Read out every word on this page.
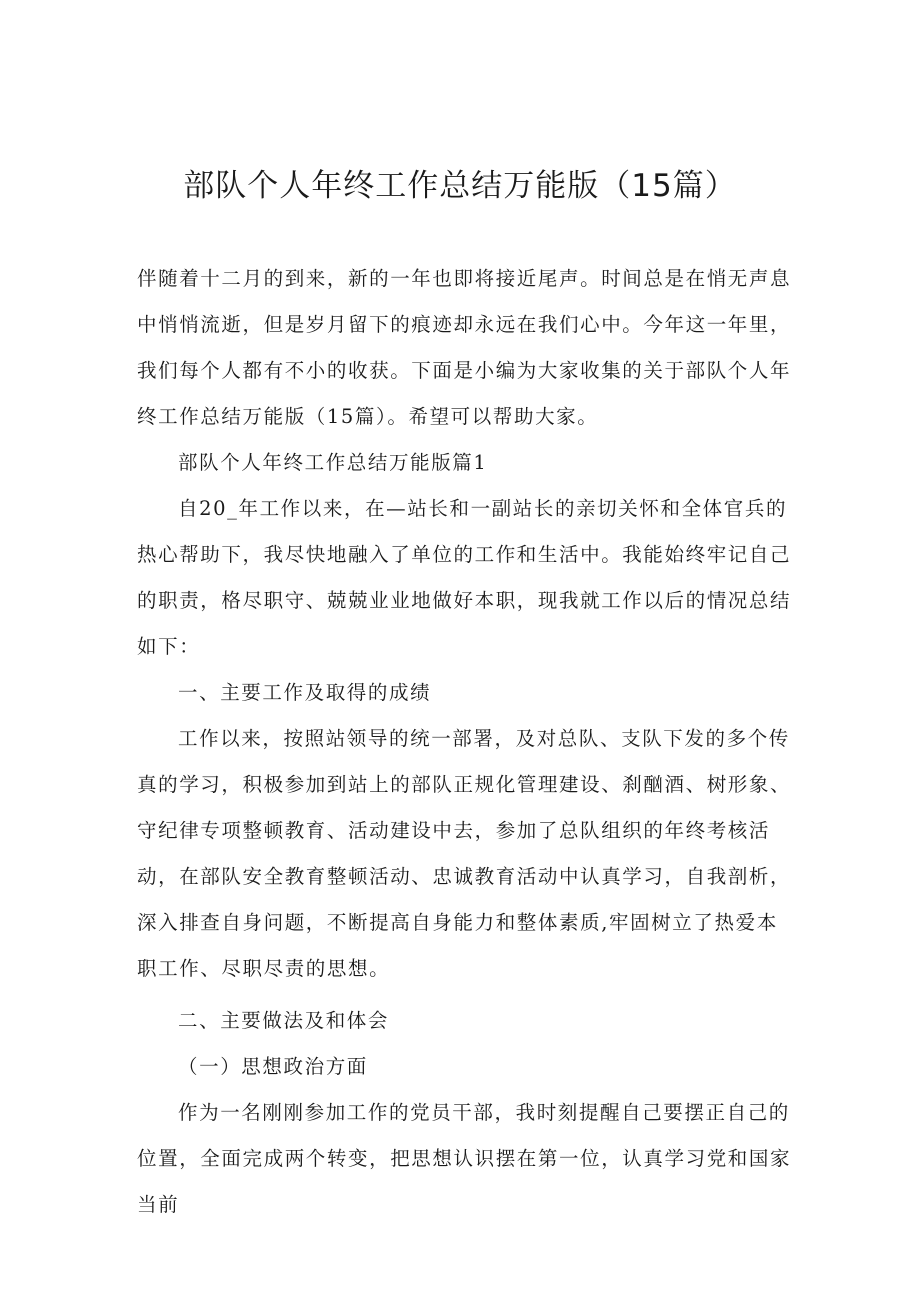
部队个人年终工作总结万能版（15篇）

伴随着十二月的到来，新的一年也即将接近尾声。时间总是在悄无声息中悄悄流逝，但是岁月留下的痕迹却永远在我们心中。今年这一年里，我们每个人都有不小的收获。下面是小编为大家收集的关于部队个人年终工作总结万能版（15篇）。希望可以帮助大家。

部队个人年终工作总结万能版篇1

自20_年工作以来，在—站长和一副站长的亲切关怀和全体官兵的热心帮助下，我尽快地融入了单位的工作和生活中。我能始终牢记自己的职责，格尽职守、兢兢业业地做好本职，现我就工作以后的情况总结如下：

一、主要工作及取得的成绩

工作以来，按照站领导的统一部署，及对总队、支队下发的多个传真的学习，积极参加到站上的部队正规化管理建设、刹酗酒、树形象、守纪律专项整顿教育、活动建设中去，参加了总队组织的年终考核活动，在部队安全教育整顿活动、忠诚教育活动中认真学习，自我剖析，深入排查自身问题，不断提高自身能力和整体素质,牢固树立了热爱本职工作、尽职尽责的思想。

二、主要做法及和体会

（一）思想政治方面

作为一名刚刚参加工作的党员干部，我时刻提醒自己要摆正自己的位置，全面完成两个转变，把思想认识摆在第一位，认真学习党和国家当前
